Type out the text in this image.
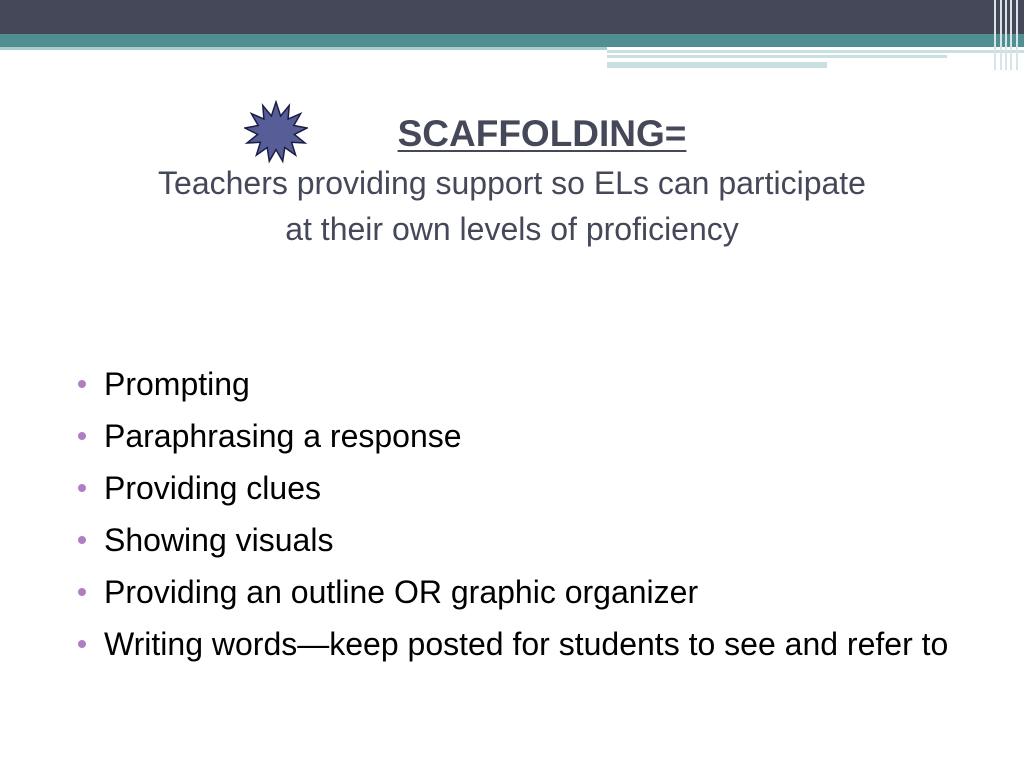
SCAFFOLDING=
Teachers providing support so ELs can participate
at their own levels of proficiency
Prompting
Paraphrasing a response
Providing clues
Showing visuals
Providing an outline OR graphic organizer
Writing words—keep posted for students to see and refer to
